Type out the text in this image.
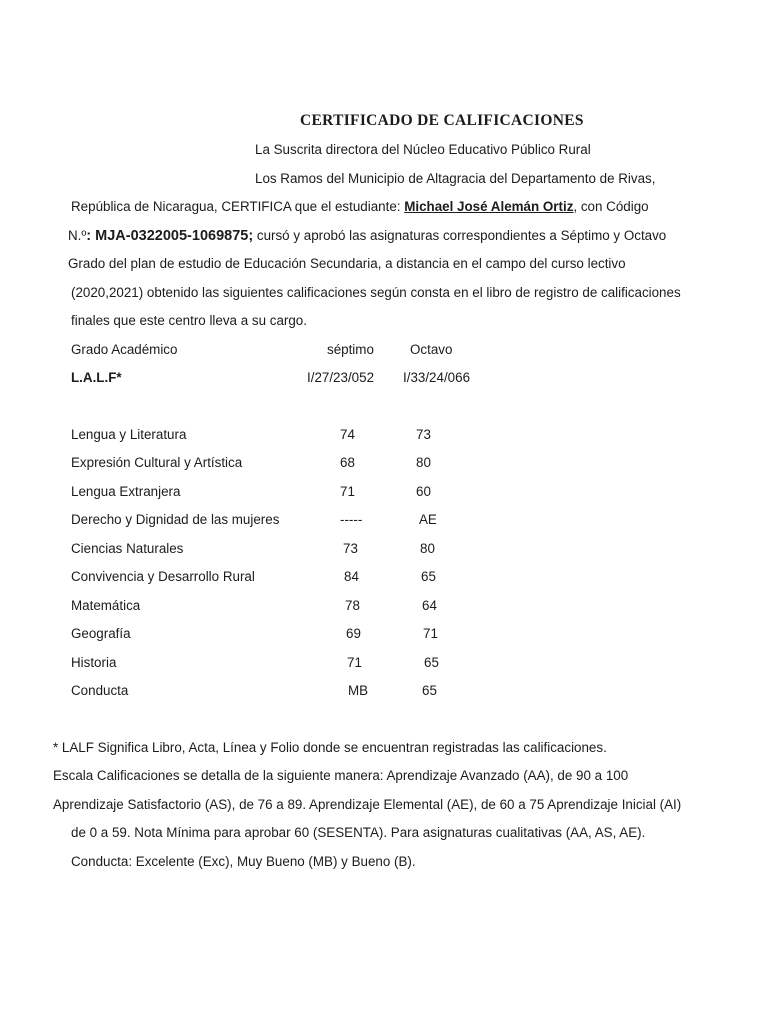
CERTIFICADO DE CALIFICACIONES
La Suscrita directora del Núcleo Educativo Público Rural
Los Ramos del Municipio de Altagracia del Departamento de Rivas,
República de Nicaragua, CERTIFICA que el estudiante: Michael José Alemán Ortiz, con Código
N.º: MJA-0322005-1069875; cursó y aprobó las asignaturas correspondientes a Séptimo y Octavo
Grado del plan de estudio de Educación Secundaria, a distancia en el campo del curso lectivo
(2020,2021) obtenido las siguientes calificaciones según consta en el libro de registro de calificaciones
finales que este centro lleva a su cargo.
Grado Académico	séptimo	Octavo
L.A.L.F*	I/27/23/052 I/33/24/066
Lengua y Literatura	74	73
Expresión Cultural y Artística	68	80
Lengua Extranjera	71	60
Derecho y Dignidad de las mujeres	-----	AE
Ciencias Naturales	73	80
Convivencia y Desarrollo Rural	84	65
Matemática	78	64
Geografía	69	71
Historia	71	65
Conducta	MB	65
* LALF Significa Libro, Acta, Línea y Folio donde se encuentran registradas las calificaciones.
Escala Calificaciones se detalla de la siguiente manera: Aprendizaje Avanzado (AA), de 90 a 100
Aprendizaje Satisfactorio (AS), de 76 a 89. Aprendizaje Elemental (AE), de 60 a 75 Aprendizaje Inicial (AI)
de 0 a 59. Nota Mínima para aprobar 60 (SESENTA). Para asignaturas cualitativas (AA, AS, AE).
Conducta: Excelente (Exc), Muy Bueno (MB) y Bueno (B).
